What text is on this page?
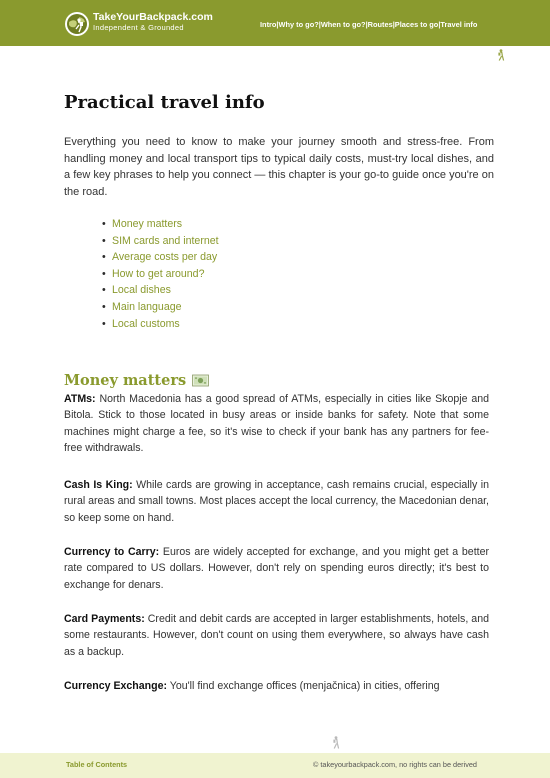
TakeYourBackpack.com
Independent & Grounded	Intro | Why to go? | When to go? | Routes | Places to go | Travel info
Practical travel info

Everything you need to know to make your journey smooth and stress-free. From handling money and local transport tips to typical daily costs, must-try local dishes, and a few key phrases to help you connect — this chapter is your go-to guide once you're on the road.

• Money matters
• SIM cards and internet
• Average costs per day
• How to get around?
• Local dishes
• Main language
• Local customs
Money matters

ATMs: North Macedonia has a good spread of ATMs, especially in cities like Skopje and Bitola. Stick to those located in busy areas or inside banks for safety. Note that some machines might charge a fee, so it's wise to check if your bank has any partners for fee-free withdrawals.

Cash Is King: While cards are growing in acceptance, cash remains crucial, especially in rural areas and small towns. Most places accept the local currency, the Macedonian denar, so keep some on hand.

Currency to Carry: Euros are widely accepted for exchange, and you might get a better rate compared to US dollars. However, don't rely on spending euros directly; it's best to exchange for denars.

Card Payments: Credit and debit cards are accepted in larger establishments, hotels, and some restaurants. However, don't count on using them everywhere, so always have cash as a backup.

Currency Exchange: You'll find exchange offices (menjačnica) in cities, offering

Table of Contents	© takeyourbackpack.com, no rights can be derived
